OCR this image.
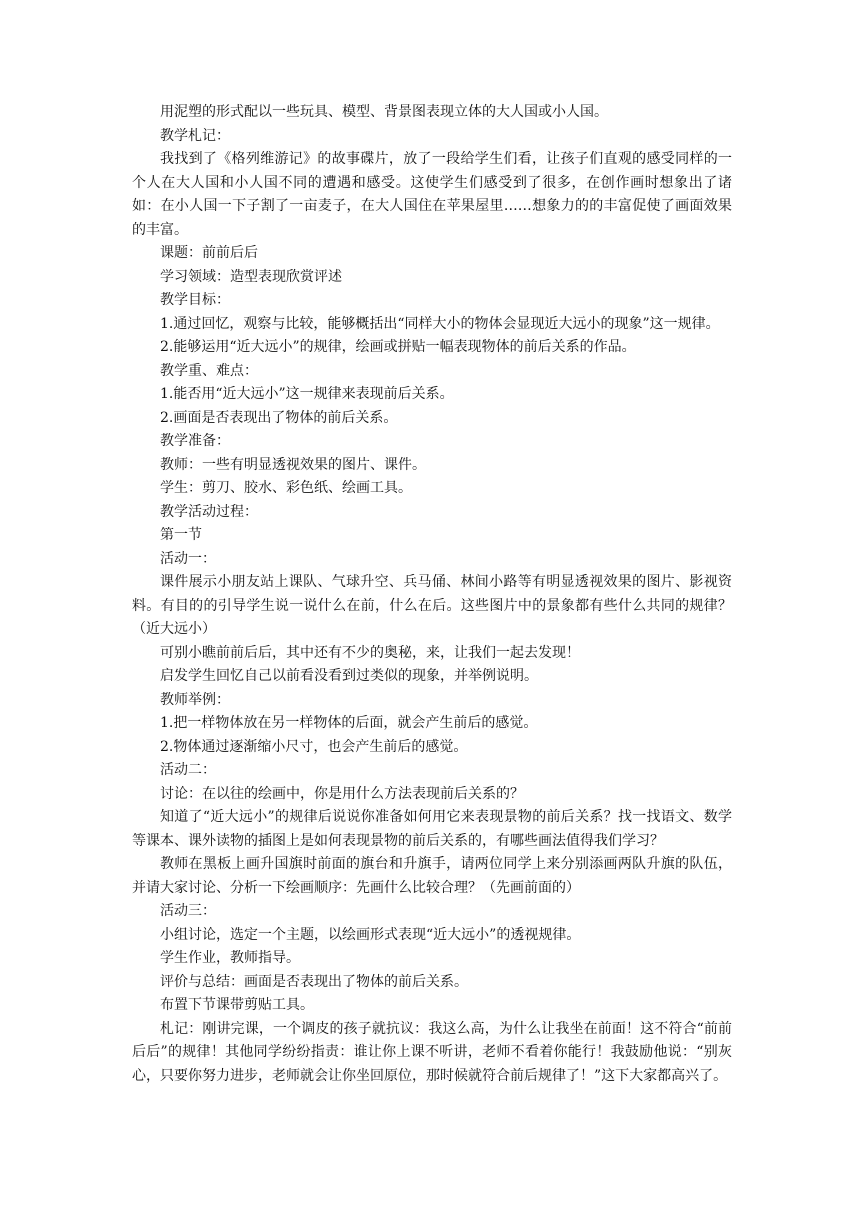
用泥塑的形式配以一些玩具、模型、背景图表现立体的大人国或小人国。

教学札记：

我找到了《格列维游记》的故事碟片，放了一段给学生们看，让孩子们直观的感受同样的一个人在大人国和小人国不同的遭遇和感受。这使学生们感受到了很多，在创作画时想象出了诸如：在小人国一下子割了一亩麦子，在大人国住在苹果屋里……想象力的的丰富促使了画面效果的丰富。

课题：前前后后

学习领域：造型表现欣赏评述

教学目标：

1.通过回忆，观察与比较，能够概括出“同样大小的物体会显现近大远小的现象”这一规律。

2.能够运用“近大远小”的规律，绘画或拼贴一幅表现物体的前后关系的作品。

教学重、难点：

1.能否用“近大远小”这一规律来表现前后关系。

2.画面是否表现出了物体的前后关系。

教学准备：

教师：一些有明显透视效果的图片、课件。

学生：剪刀、胶水、彩色纸、绘画工具。

教学活动过程：

第一节

活动一：

课件展示小朋友站上课队、气球升空、兵马俑、林间小路等有明显透视效果的图片、影视资料。有目的的引导学生说一说什么在前，什么在后。这些图片中的景象都有些什么共同的规律？（近大远小）

可别小瞧前前后后，其中还有不少的奥秘，来，让我们一起去发现！

启发学生回忆自己以前看没看到过类似的现象，并举例说明。

教师举例：

1.把一样物体放在另一样物体的后面，就会产生前后的感觉。

2.物体通过逐渐缩小尺寸，也会产生前后的感觉。

活动二：

讨论：在以往的绘画中，你是用什么方法表现前后关系的？

知道了“近大远小”的规律后说说你准备如何用它来表现景物的前后关系？找一找语文、数学等课本、课外读物的插图上是如何表现景物的前后关系的，有哪些画法值得我们学习？

教师在黑板上画升国旗时前面的旗台和升旗手，请两位同学上来分别添画两队升旗的队伍，并请大家讨论、分析一下绘画顺序：先画什么比较合理？（先画前面的）

活动三：

小组讨论，选定一个主题，以绘画形式表现“近大远小”的透视规律。

学生作业，教师指导。

评价与总结：画面是否表现出了物体的前后关系。

布置下节课带剪贴工具。

札记：刚讲完课，一个调皮的孩子就抗议：我这么高，为什么让我坐在前面！这不符合“前前后后”的规律！其他同学纷纷指责：谁让你上课不听讲，老师不看着你能行！我鼓励他说：“别灰心，只要你努力进步，老师就会让你坐回原位，那时候就符合前后规律了！”这下大家都高兴了。
